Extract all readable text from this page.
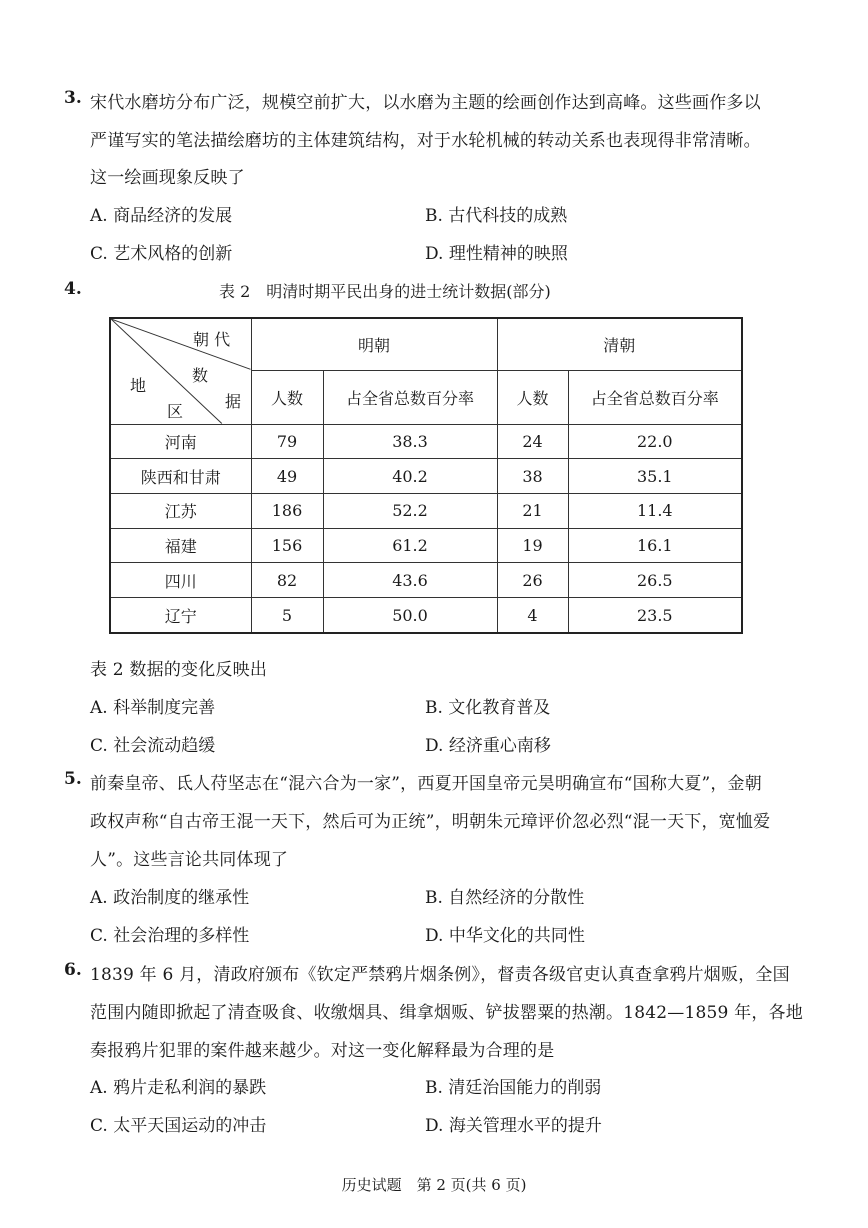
3. 宋代水磨坊分布广泛，规模空前扩大，以水磨为主题的绘画创作达到高峰。这些画作多以
严谨写实的笔法描绘磨坊的主体建筑结构，对于水轮机械的转动关系也表现得非常清晰。
这一绘画现象反映了
A. 商品经济的发展	B. 古代科技的成熟
C. 艺术风格的创新	D. 理性精神的映照
4.	表 2　明清时期平民出身的进士统计数据(部分)
朝 代
数
据
地
区	明朝		清朝	
	人数	占全省总数百分率	人数	占全省总数百分率
河南	79	38.3	24	22.0
陕西和甘肃	49	40.2	38	35.1
江苏	186	52.2	21	11.4
福建	156	61.2	19	16.1
四川	82	43.6	26	26.5
辽宁	5	50.0	4	23.5
表 2 数据的变化反映出
A. 科举制度完善	B. 文化教育普及
C. 社会流动趋缓	D. 经济重心南移
5. 前秦皇帝、氐人苻坚志在“混六合为一家”，西夏开国皇帝元昊明确宣布“国称大夏”，金朝
政权声称“自古帝王混一天下，然后可为正统”，明朝朱元璋评价忽必烈“混一天下，宽恤爱
人”。这些言论共同体现了
A. 政治制度的继承性	B. 自然经济的分散性
C. 社会治理的多样性	D. 中华文化的共同性
6. 1839 年 6 月，清政府颁布《钦定严禁鸦片烟条例》，督责各级官吏认真查拿鸦片烟贩，全国
范围内随即掀起了清查吸食、收缴烟具、缉拿烟贩、铲拔罂粟的热潮。1842—1859 年，各地
奏报鸦片犯罪的案件越来越少。对这一变化解释最为合理的是
A. 鸦片走私利润的暴跌	B. 清廷治国能力的削弱
C. 太平天国运动的冲击	D. 海关管理水平的提升
历史试题　第 2 页(共 6 页)
